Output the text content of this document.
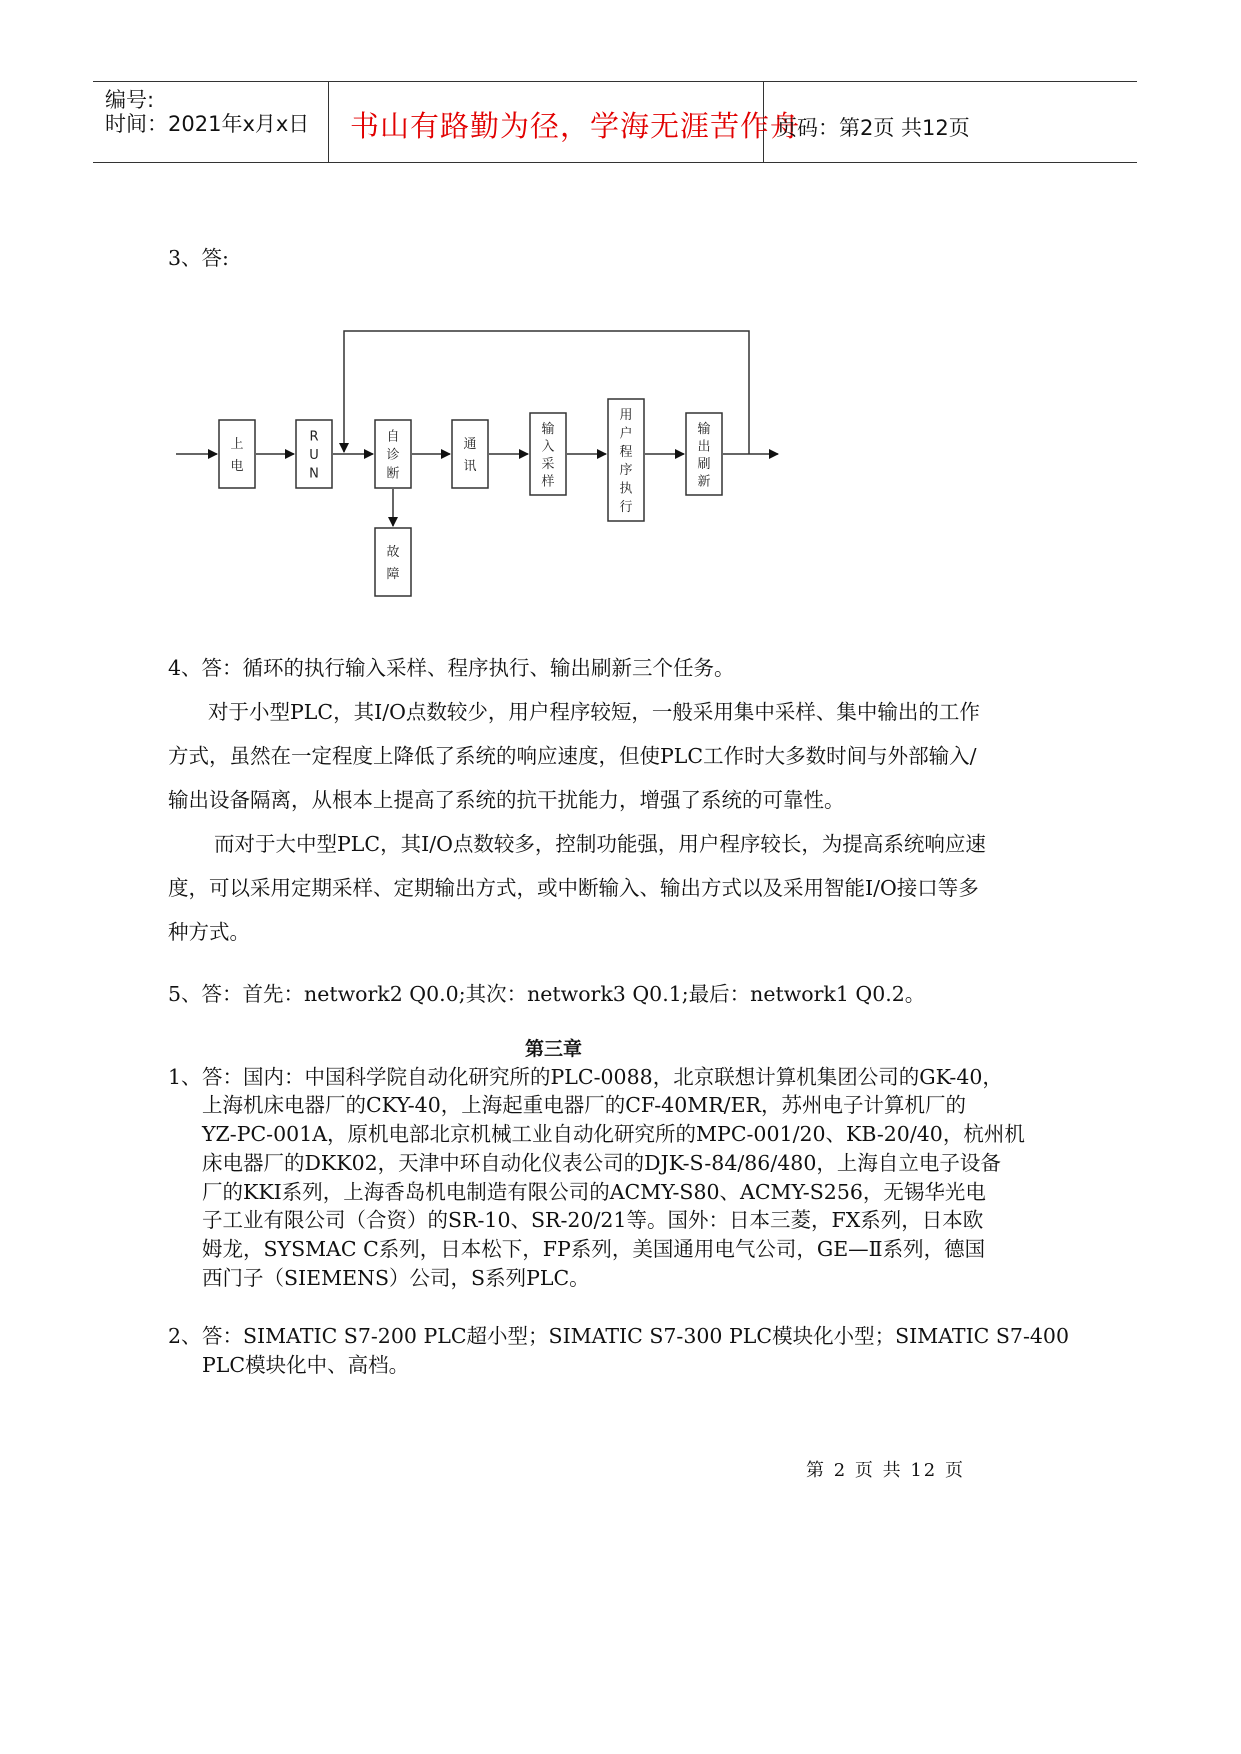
编号:
时间：2021年x月x日 书山有路勤为径，学海无涯苦作舟
页码：第2页 共12页
3、答:
上电
R U N
自诊断
通讯
输入采样
用户程序执行
输出刷新
故障
4、答：循环的执行输入采样、程序执行、输出刷新三个任务。
对于小型PLC，其I/O点数较少，用户程序较短，一般采用集中采样、集中输出的工作
方式，虽然在一定程度上降低了系统的响应速度，但使PLC工作时大多数时间与外部输入/
输出设备隔离，从根本上提高了系统的抗干扰能力，增强了系统的可靠性。
而对于大中型PLC，其I/O点数较多，控制功能强，用户程序较长，为提高系统响应速
度，可以采用定期采样、定期输出方式，或中断输入、输出方式以及采用智能I/O接口等多
种方式。
5、答：首先：network2 Q0.0;其次：network3 Q0.1;最后：network1 Q0.2。
第三章
1、 答：国内：中国科学院自动化研究所的PLC-0088，北京联想计算机集团公司的GK-40，
上海机床电器厂的CKY-40，上海起重电器厂的CF-40MR/ER，苏州电子计算机厂的
YZ-PC-001A，原机电部北京机械工业自动化研究所的MPC-001/20、KB-20/40，杭州机
床电器厂的DKK02，天津中环自动化仪表公司的DJK-S-84/86/480，上海自立电子设备
厂的KKI系列，上海香岛机电制造有限公司的ACMY-S80、ACMY-S256，无锡华光电
子工业有限公司（合资）的SR-10、SR-20/21等。国外：日本三菱，FX系列，日本欧
姆龙，SYSMAC C系列，日本松下，FP系列，美国通用电气公司，GE—Ⅱ系列，德国
西门子（SIEMENS）公司，S系列PLC。
2、 答：SIMATIC S7-200 PLC超小型；SIMATIC S7-300 PLC模块化小型；SIMATIC S7-400
PLC模块化中、高档。
第 2 页 共 12 页
